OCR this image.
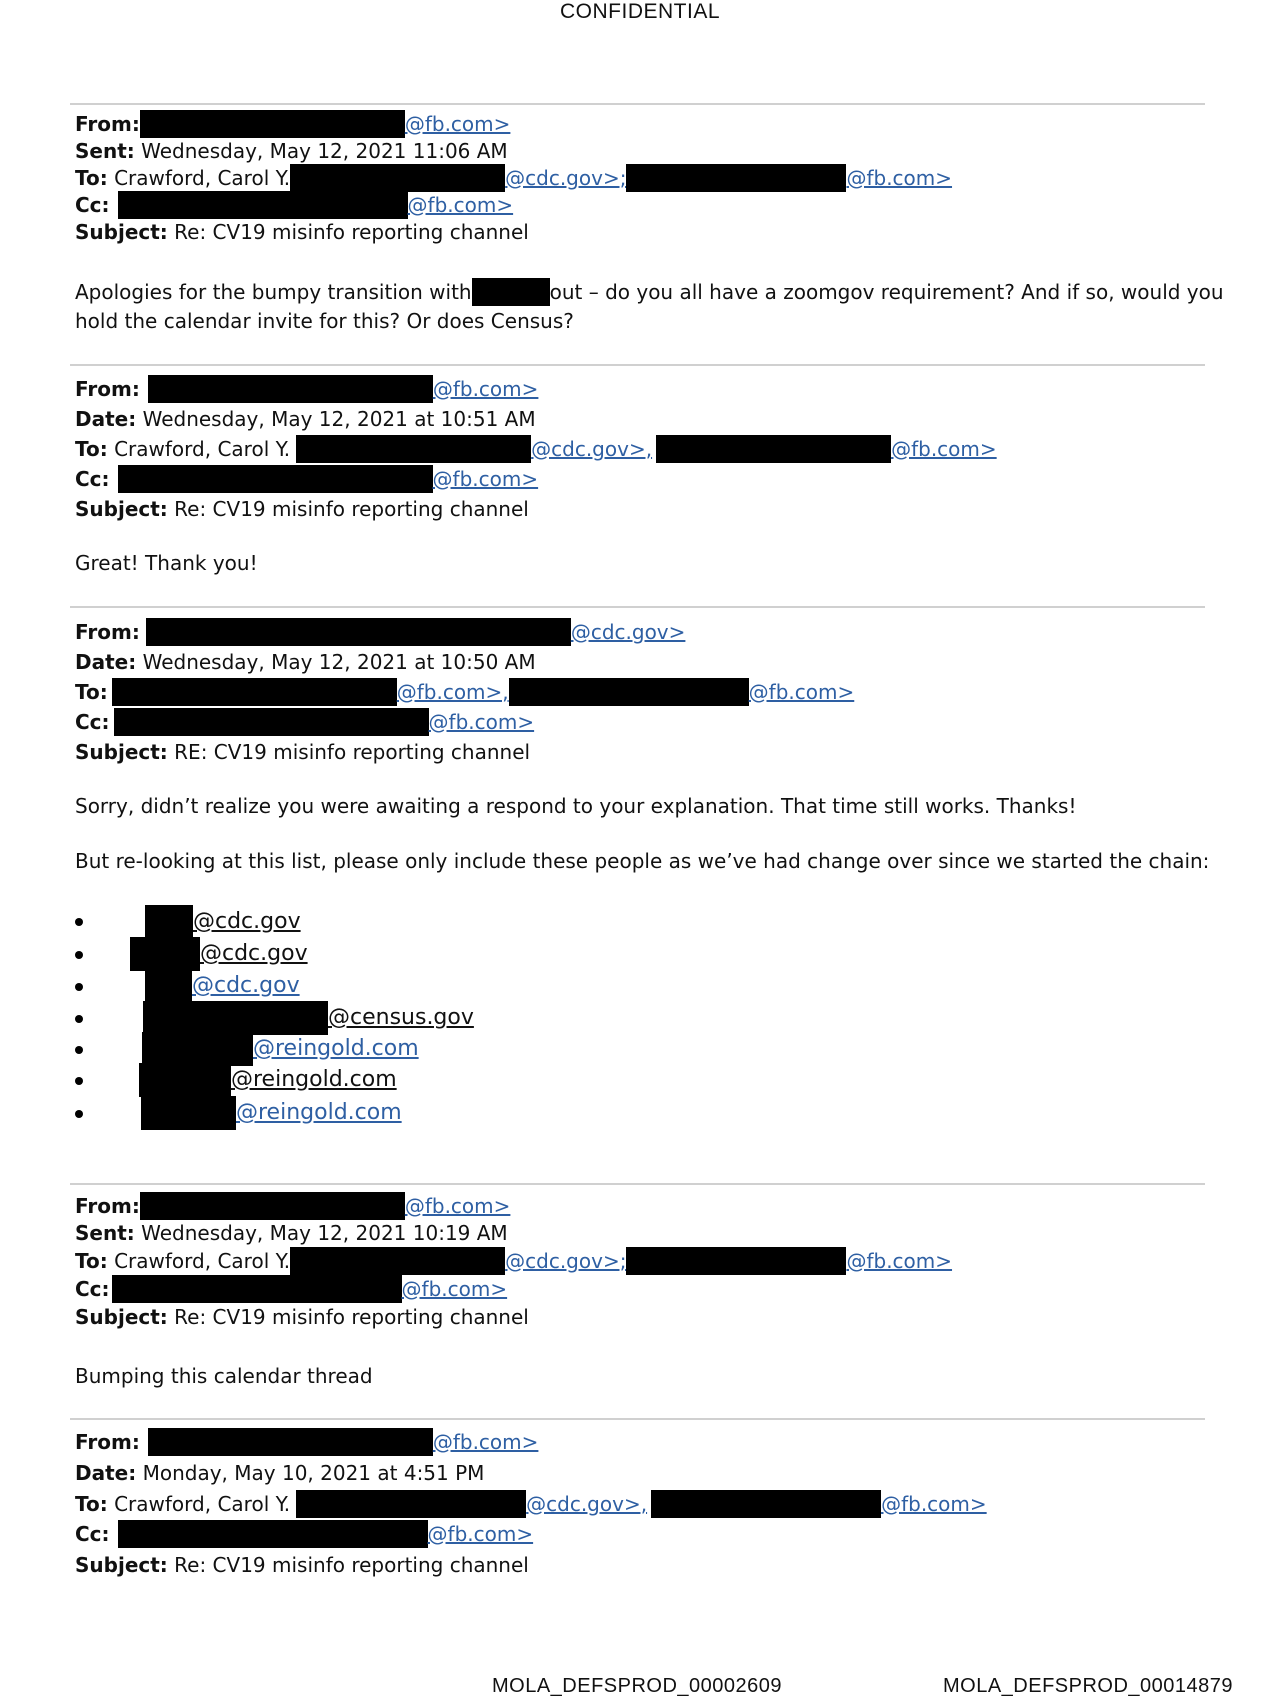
CONFIDENTIAL
From:	@fb.com>
Sent:
Wednesday, May 12, 2021 11:06 AM
To:
Crawford, Carol Y.	@cdc.gov>;	@fb.com>
Cc:	@fb.com>
Subject:
Re: CV19 misinfo reporting channel
Apologies for the bumpy transition with	out – do you all have a zoomgov requirement? And if so, would you
hold the calendar invite for this? Or does Census?
From:	@fb.com>
Date:
Wednesday, May 12, 2021 at 10:51 AM
To:
Crawford, Carol Y.	@cdc.gov>,	@fb.com>
Cc:	@fb.com>
Subject:
Re: CV19 misinfo reporting channel
Great! Thank you!
From:	@cdc.gov>
Date:
Wednesday, May 12, 2021 at 10:50 AM
To:	@fb.com>,	@fb.com>
Cc:	@fb.com>
Subject:
RE: CV19 misinfo reporting channel
Sorry, didn’t realize you were awaiting a respond to your explanation. That time still works. Thanks!
But re-looking at this list, please only include these people as we’ve had change over since we started the chain:
@cdc.gov
@cdc.gov
@cdc.gov
@census.gov
@reingold.com
@reingold.com
@reingold.com
From:	@fb.com>
Sent:
Wednesday, May 12, 2021 10:19 AM
To:
Crawford, Carol Y.	@cdc.gov>;	@fb.com>
Cc:	@fb.com>
Subject:
Re: CV19 misinfo reporting channel
Bumping this calendar thread
From:	@fb.com>
Date:
Monday, May 10, 2021 at 4:51 PM
To:
Crawford, Carol Y.	@cdc.gov>,	@fb.com>
Cc:	@fb.com>
Subject:
Re: CV19 misinfo reporting channel
MOLA_DEFSPROD_00002609	MOLA_DEFSPROD_00014879
